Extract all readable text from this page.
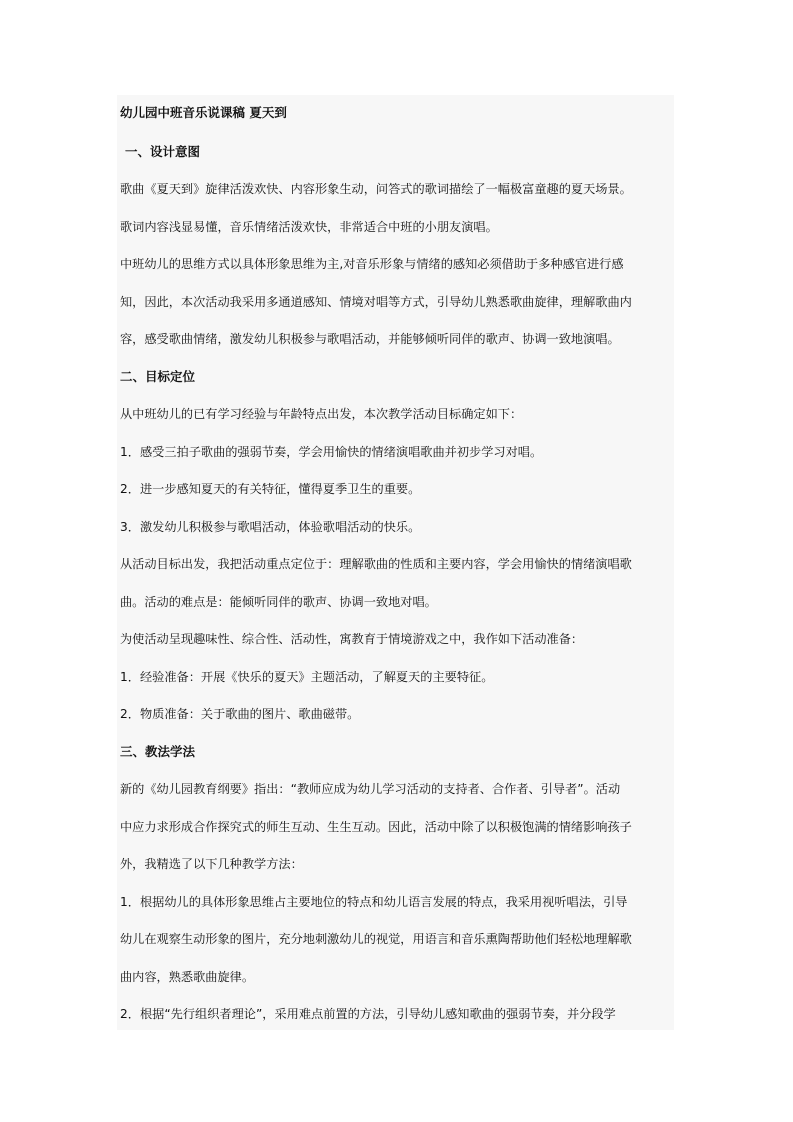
幼儿园中班音乐说课稿 夏天到
一、设计意图
歌曲《夏天到》旋律活泼欢快、内容形象生动，问答式的歌词描绘了一幅极富童趣的夏天场景。
歌词内容浅显易懂，音乐情绪活泼欢快，非常适合中班的小朋友演唱。
中班幼儿的思维方式以具体形象思维为主,对音乐形象与情绪的感知必须借助于多种感官进行感
知，因此，本次活动我采用多通道感知、情境对唱等方式，引导幼儿熟悉歌曲旋律，理解歌曲内
容，感受歌曲情绪，激发幼儿积极参与歌唱活动，并能够倾听同伴的歌声、协调一致地演唱。
二、目标定位
从中班幼儿的已有学习经验与年龄特点出发，本次教学活动目标确定如下：
1．感受三拍子歌曲的强弱节奏，学会用愉快的情绪演唱歌曲并初步学习对唱。
2．进一步感知夏天的有关特征，懂得夏季卫生的重要。
3．激发幼儿积极参与歌唱活动，体验歌唱活动的快乐。
从活动目标出发，我把活动重点定位于：理解歌曲的性质和主要内容，学会用愉快的情绪演唱歌
曲。活动的难点是：能倾听同伴的歌声、协调一致地对唱。
为使活动呈现趣味性、综合性、活动性，寓教育于情境游戏之中，我作如下活动准备：
1．经验准备：开展《快乐的夏天》主题活动，了解夏天的主要特征。
2．物质准备：关于歌曲的图片、歌曲磁带。
三、教法学法
新的《幼儿园教育纲要》指出：“教师应成为幼儿学习活动的支持者、合作者、引导者”。活动
中应力求形成合作探究式的师生互动、生生互动。因此，活动中除了以积极饱满的情绪影响孩子
外，我精选了以下几种教学方法：
1．根据幼儿的具体形象思维占主要地位的特点和幼儿语言发展的特点，我采用视听唱法，引导
幼儿在观察生动形象的图片，充分地刺激幼儿的视觉，用语言和音乐熏陶帮助他们轻松地理解歌
曲内容，熟悉歌曲旋律。
2．根据“先行组织者理论”，采用难点前置的方法，引导幼儿感知歌曲的强弱节奏，并分段学
